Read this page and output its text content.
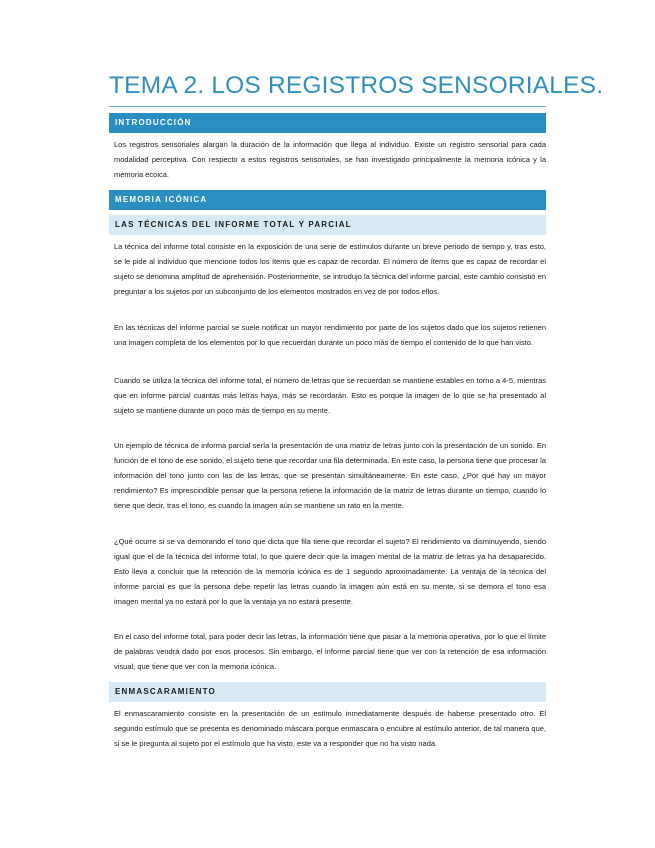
TEMA 2. LOS REGISTROS SENSORIALES.
INTRODUCCIÓN

Los registros sensoriales alargan la duración de la información que llega al individuo. Existe un registro sensorial para cada modalidad perceptiva. Con respecto a estos registros sensoriales, se han investigado principalmente la memoria icónica y la memoria ecoica.

MEMORIA ICÓNICA
LAS TÉCNICAS DEL INFORME TOTAL Y PARCIAL

La técnica del informe total consiste en la exposición de una serie de estímulos durante un breve periodo de tiempo y, tras esto, se le pide al individuo que mencione todos los ítems que es capaz de recordar. El número de ítems que es capaz de recordar el sujeto se denomina amplitud de aprehensión. Posteriormente, se introdujo la técnica del informe parcial, este cambio consistió en preguntar a los sujetos por un subconjunto de los elementos mostrados en vez de por todos ellos.

En las técnicas del informe parcial se suele notificar un mayor rendimiento por parte de los sujetos dado que los sujetos retienen una imagen completa de los elementos por lo que recuerdan durante un poco más de tiempo el contenido de lo que han visto.

Cuando se utiliza la técnica del informe total, el número de letras que se recuerdan se mantiene estables en torno a 4-5, mientras que en informe parcial cuantas más letras haya, más se recordarán. Esto es porque la imagen de lo que se ha presentado al sujeto se mantiene durante un poco más de tiempo en su mente.

Un ejemplo de técnica de informa parcial sería la presentación de una matriz de letras junto con la presentación de un sonido. En función de el tono de ese sonido, el sujeto tiene que recordar una fila determinada. En este caso, la persona tiene que procesar la información del tono junto con las de las letras, que se presentan simultáneamente. En este caso, ¿Por qué hay un mayor rendimiento? Es imprescindible pensar que la persona retiene la información de la matriz de letras durante un tiempo, cuando lo tiene que decir, tras el tono, es cuando la imagen aún se mantiene un rato en la mente.

¿Qué ocurre si se va demorando el tono que dicta que fila tiene que recordar el sujeto? El rendimiento va disminuyendo, siendo igual que el de la técnica del informe total, lo que quiere decir que la imagen mental de la matriz de letras ya ha desaparecido. Esto lleva a concluir que la retención de la memoria icónica es de 1 segundo aproximadamente. La ventaja de la técnica del informe parcial es que la persona debe repetir las letras cuando la imagen aún está en su mente, si se demora el tono esa imagen mental ya no estará por lo que la ventaja ya no estará presente.

En el caso del informe total, para poder decir las letras, la información tiene que pasar a la memoria operativa, por lo que el límite de palabras vendrá dado por esos procesos. Sin embargo, el informe parcial tiene que ver con la retención de esa información visual, que tiene que ver con la memoria icónica.

ENMASCARAMIENTO

El enmascaramiento consiste en la presentación de un estímulo inmediatamente después de haberse presentado otro. El segundo estímulo que se presenta es denominado máscara porque enmascara o encubre al estímulo anterior, de tal manera que, si se le pregunta al sujeto por el estímulo que ha visto, este va a responder que no ha visto nada.
